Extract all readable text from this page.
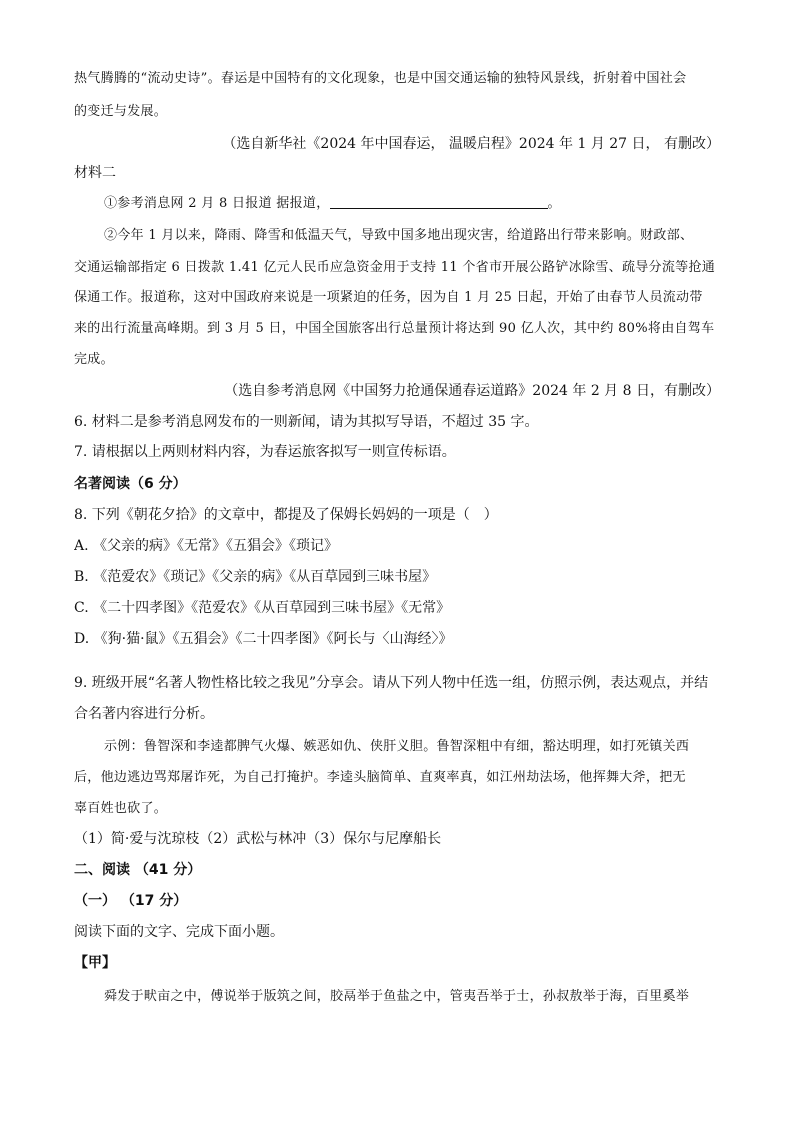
热气腾腾的“流动史诗”。春运是中国特有的文化现象，也是中国交通运输的独特风景线，折射着中国社会
的变迁与发展。
（选自新华社《2024 年中国春运， 温暖启程》2024 年 1 月 27 日， 有删改）
材料二
①参考消息网 2 月 8 日报道 据报道，	。
②今年 1 月以来，降雨、降雪和低温天气，导致中国多地出现灾害，给道路出行带来影响。财政部、
交通运输部指定 6 日拨款 1.41 亿元人民币应急资金用于支持 11 个省市开展公路铲冰除雪、疏导分流等抢通
保通工作。报道称，这对中国政府来说是一项紧迫的任务，因为自 1 月 25 日起，开始了由春节人员流动带
来的出行流量高峰期。到 3 月 5 日，中国全国旅客出行总量预计将达到 90 亿人次，其中约 80%将由自驾车
完成。
（选自参考消息网《中国努力抢通保通春运道路》2024 年 2 月 8 日，有删改）
6. 材料二是参考消息网发布的一则新闻，请为其拟写导语，不超过 35 字。
7. 请根据以上两则材料内容，为春运旅客拟写一则宣传标语。
名著阅读（6 分）
8. 下列《朝花夕拾》的文章中，都提及了保姆长妈妈的一项是（　）
A. 《父亲的病》《无常》《五猖会》《琐记》
B. 《范爱农》《琐记》《父亲的病》《从百草园到三味书屋》
C. 《二十四孝图》《范爱农》《从百草园到三味书屋》《无常》
D. 《狗·猫·鼠》《五猖会》《二十四孝图》《阿长与〈山海经〉》
9. 班级开展“名著人物性格比较之我见”分享会。请从下列人物中任选一组，仿照示例，表达观点，并结
合名著内容进行分析。
示例：鲁智深和李逵都脾气火爆、嫉恶如仇、侠肝义胆。鲁智深粗中有细，豁达明理，如打死镇关西
后，他边逃边骂郑屠诈死，为自己打掩护。李逵头脑简单、直爽率真，如江州劫法场，他挥舞大斧，把无
辜百姓也砍了。
（1）简·爱与沈琼枝（2）武松与林冲（3）保尔与尼摩船长
二、阅读 （41 分）
（一） （17 分）
阅读下面的文字、完成下面小题。
【甲】
舜发于畎亩之中，傅说举于版筑之间，胶鬲举于鱼盐之中，管夷吾举于士，孙叔敖举于海，百里奚举
